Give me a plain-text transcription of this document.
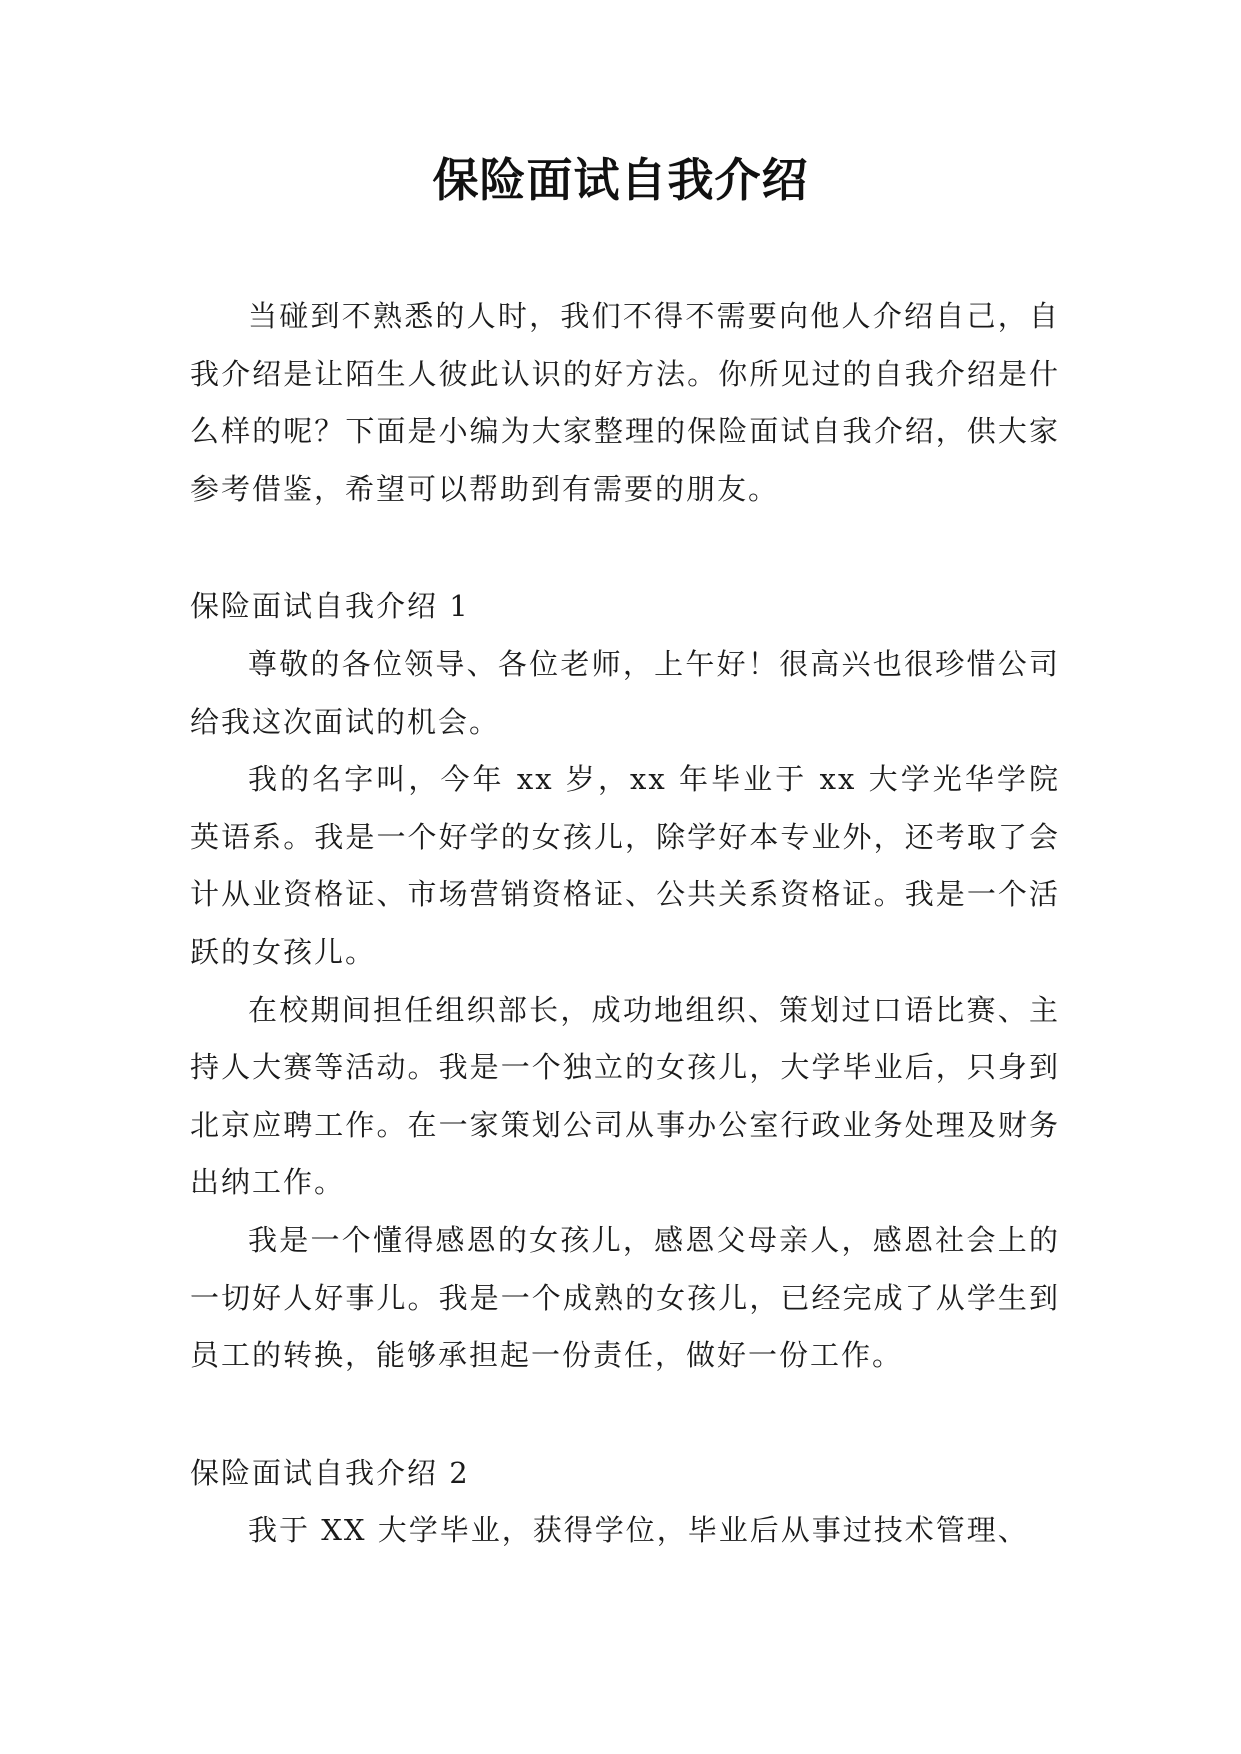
保险面试自我介绍

当碰到不熟悉的人时，我们不得不需要向他人介绍自己，自我介绍是让陌生人彼此认识的好方法。你所见过的自我介绍是什么样的呢？下面是小编为大家整理的保险面试自我介绍，供大家参考借鉴，希望可以帮助到有需要的朋友。

保险面试自我介绍 1

尊敬的各位领导、各位老师，上午好！很高兴也很珍惜公司给我这次面试的机会。

我的名字叫，今年 xx 岁，xx 年毕业于 xx 大学光华学院英语系。我是一个好学的女孩儿，除学好本专业外，还考取了会计从业资格证、市场营销资格证、公共关系资格证。我是一个活跃的女孩儿。

在校期间担任组织部长，成功地组织、策划过口语比赛、主持人大赛等活动。我是一个独立的女孩儿，大学毕业后，只身到北京应聘工作。在一家策划公司从事办公室行政业务处理及财务出纳工作。

我是一个懂得感恩的女孩儿，感恩父母亲人，感恩社会上的一切好人好事儿。我是一个成熟的女孩儿，已经完成了从学生到员工的转换，能够承担起一份责任，做好一份工作。

保险面试自我介绍 2

我于 XX 大学毕业，获得学位，毕业后从事过技术管理、
